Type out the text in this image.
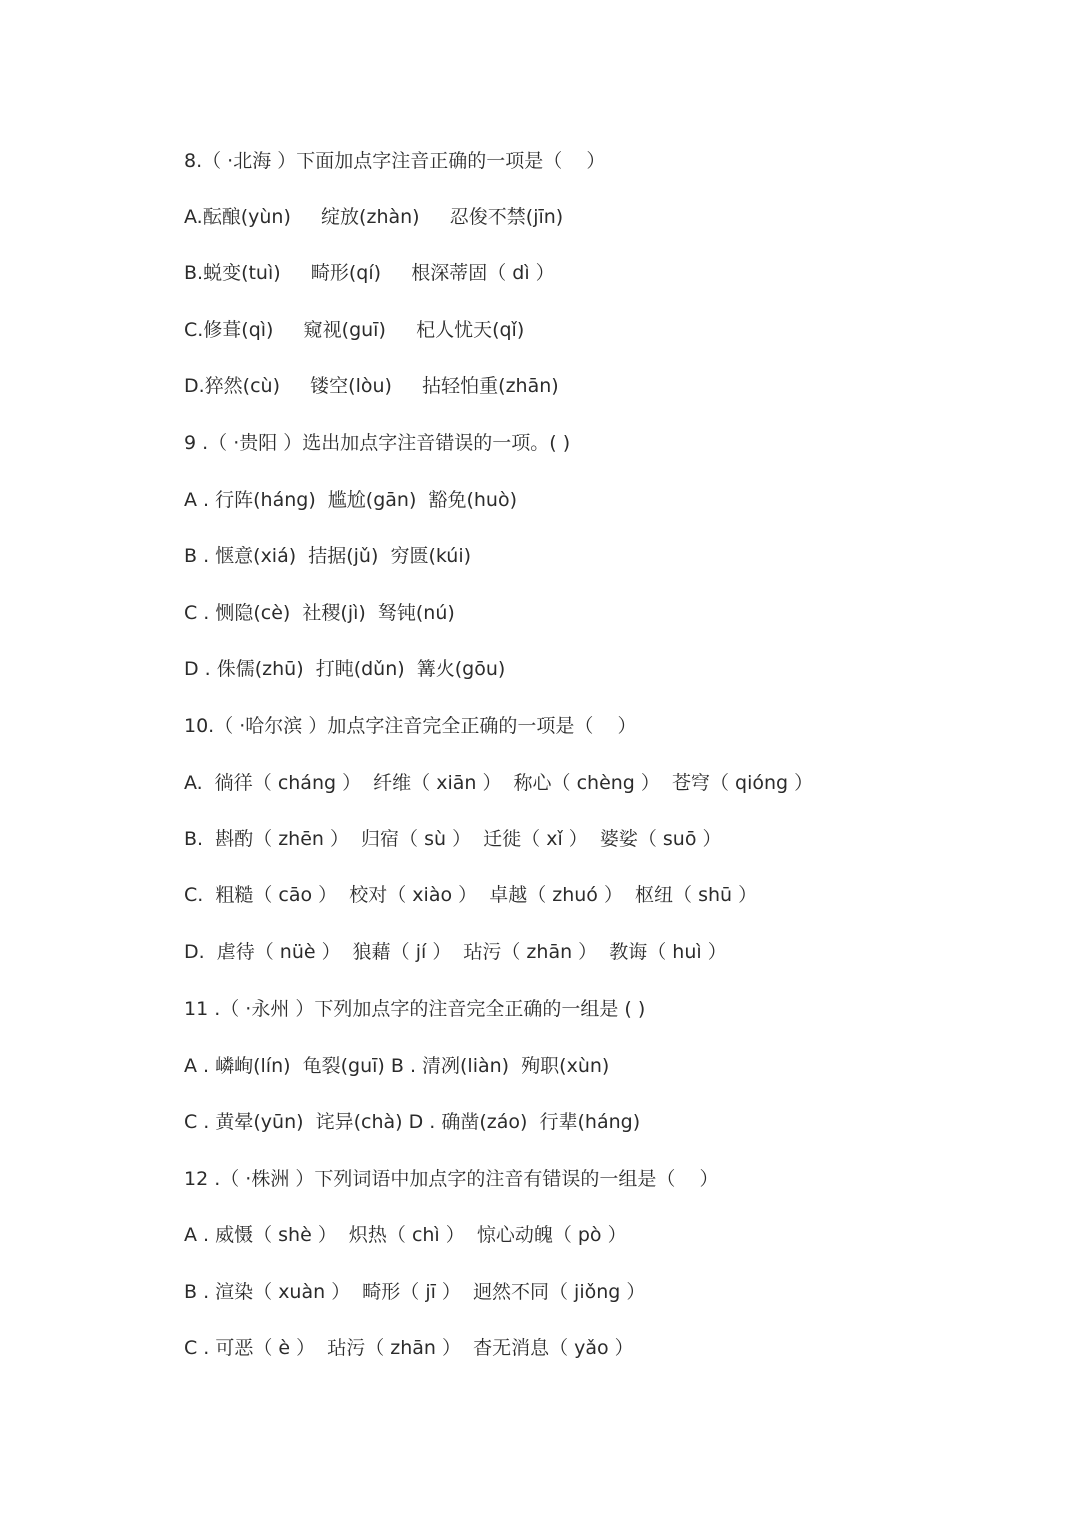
8.（ ·北海 ）下面加点字注音正确的一项是（    ）
A.酝酿(yùn)     绽放(zhàn)     忍俊不禁(jīn)
B.蜕变(tuì)     畸形(qí)     根深蒂固（ dì ）
C.修葺(qì)     窥视(guī)     杞人忧天(qǐ)
D.猝然(cù)     镂空(lòu)     拈轻怕重(zhān)
9 .（ ·贵阳 ）选出加点字注音错误的一项。( )
A . 行阵(háng)  尴尬(gān)  豁免(huò)
B . 惬意(xiá)  拮据(jǔ)  穷匮(kúi)
C . 恻隐(cè)  社稷(jì)  驽钝(nú)
D . 侏儒(zhū)  打盹(dǔn)  篝火(gōu)
10.（ ·哈尔滨 ）加点字注音完全正确的一项是（    ）
A.  徜徉（ cháng ）  纤维（ xiān ）  称心（ chèng ）  苍穹（ qióng ）
B.  斟酌（ zhēn ）  归宿（ sù ）  迁徙（ xǐ ）  婆娑（ suō ）
C.  粗糙（ cāo ）  校对（ xiào ）  卓越（ zhuó ）  枢纽（ shū ）
D.  虐待（ nüè ）  狼藉（ jí ）  玷污（ zhān ）  教诲（ huì ）
11 .（ ·永州 ）下列加点字的注音完全正确的一组是 ( )
A . 嶙峋(lín)  龟裂(guī) B . 清冽(liàn)  殉职(xùn)
C . 黄晕(yūn)  诧异(chà) D . 确凿(záo)  行辈(háng)
12 .（ ·株洲 ）下列词语中加点字的注音有错误的一组是（    ）
A . 威慑（ shè ）  炽热（ chì ）  惊心动魄（ pò ）
B . 渲染（ xuàn ）  畸形（ jī ）  迥然不同（ jiǒng ）
C . 可恶（ è ）  玷污（ zhān ）  杳无消息（ yǎo ）
